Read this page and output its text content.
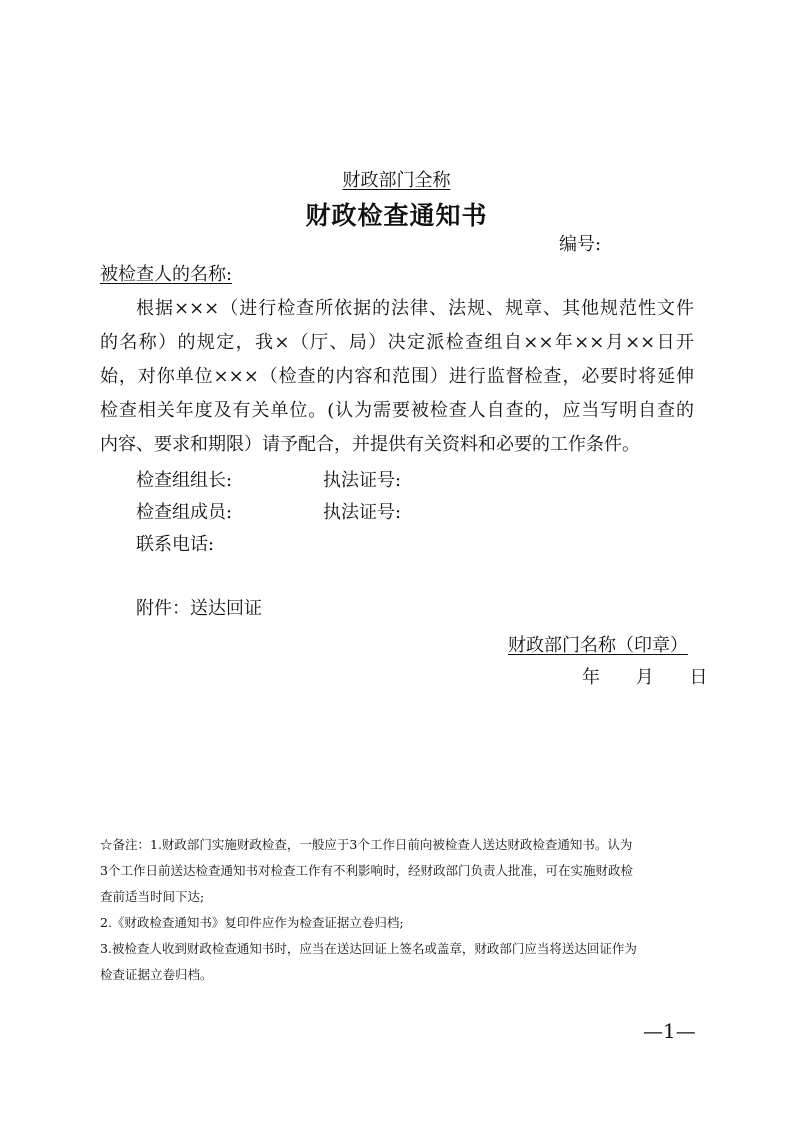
财政部门全称
财政检查通知书
编号:
被检查人的名称:
根据×××（进行检查所依据的法律、法规、规章、其他规范性文件
的名称）的规定，我×（厅、局）决定派检查组自××年××月××日开
始，对你单位×××（检查的内容和范围）进行监督检查，必要时将延伸
检查相关年度及有关单位。(认为需要被检查人自查的，应当写明自查的
内容、要求和期限）请予配合，并提供有关资料和必要的工作条件。
检查组组长:	执法证号:
检查组成员:	执法证号:
联系电话:
附件：送达回证
财政部门名称（印章）
年 月 日
☆备注：1.财政部门实施财政检查，一般应于3个工作日前向被检查人送达财政检查通知书。认为
3个工作日前送达检查通知书对检查工作有不利影响时，经财政部门负责人批准，可在实施财政检
查前适当时间下达;
2.《财政检查通知书》复印件应作为检查证据立卷归档;
3.被检查人收到财政检查通知书时，应当在送达回证上签名或盖章，财政部门应当将送达回证作为
检查证据立卷归档。
—1—
